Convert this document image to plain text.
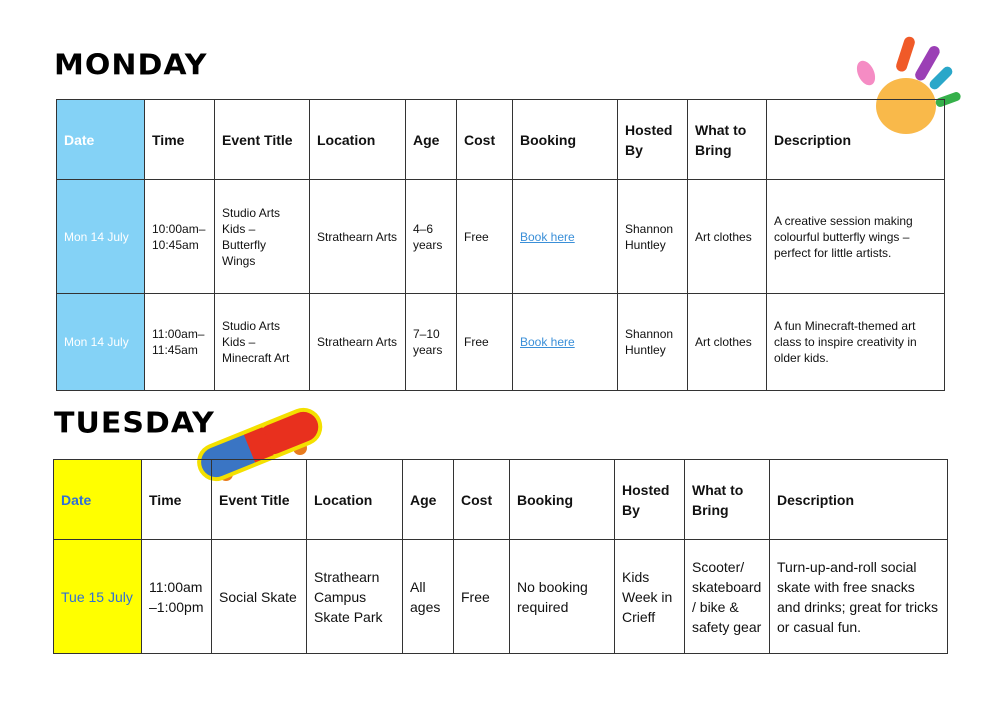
MONDAY
TUESDAY
Date	Time	Event Title	Location	Age	Cost	Booking	Hosted By	What to Bring	Description
Mon 14 July	10:00am–10:45am	Studio Arts Kids – Butterfly Wings	Strathearn Arts	4–6 years	Free	Book here	Shannon Huntley	Art clothes	A creative session making colourful butterfly wings – perfect for little artists.
Mon 14 July	11:00am–11:45am	Studio Arts Kids – Minecraft Art	Strathearn Arts	7–10 years	Free	Book here	Shannon Huntley	Art clothes	A fun Minecraft-themed art class to inspire creativity in older kids.
Date	Time	Event Title	Location	Age	Cost	Booking	Hosted By	What to Bring	Description
Tue 15 July	11:00am –1:00pm	Social Skate	Strathearn Campus Skate Park	All ages	Free	No booking required	Kids Week in Crieff	Scooter/ skateboard / bike & safety gear	Turn-up-and-roll social skate with free snacks and drinks; great for tricks or casual fun.
